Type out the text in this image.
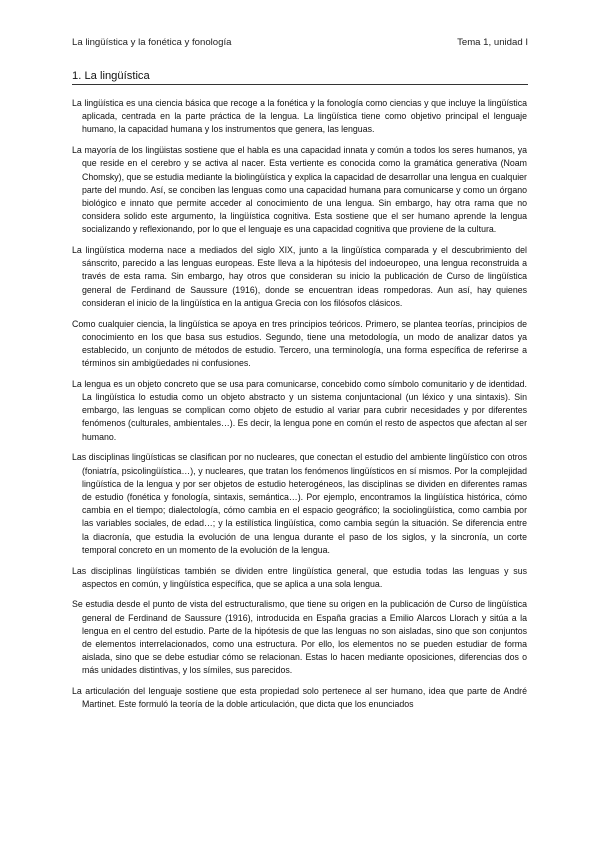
La lingüística y la fonética y fonología	Tema 1, unidad I
1. La lingüística

La lingüística es una ciencia básica que recoge a la fonética y la fonología como ciencias y que incluye la lingüística aplicada, centrada en la parte práctica de la lengua. La lingüística tiene como objetivo principal el lenguaje humano, la capacidad humana y los instrumentos que genera, las lenguas.

La mayoría de los lingüistas sostiene que el habla es una capacidad innata y común a todos los seres humanos, ya que reside en el cerebro y se activa al nacer. Esta vertiente es conocida como la gramática generativa (Noam Chomsky), que se estudia mediante la biolingüística y explica la capacidad de desarrollar una lengua en cualquier parte del mundo. Así, se conciben las lenguas como una capacidad humana para comunicarse y como un órgano biológico e innato que permite acceder al conocimiento de una lengua. Sin embargo, hay otra rama que no considera solido este argumento, la lingüística cognitiva. Esta sostiene que el ser humano aprende la lengua socializando y reflexionando, por lo que el lenguaje es una capacidad cognitiva que proviene de la cultura.

La lingüística moderna nace a mediados del siglo XIX, junto a la lingüística comparada y el descubrimiento del sánscrito, parecido a las lenguas europeas. Este lleva a la hipótesis del indoeuropeo, una lengua reconstruida a través de esta rama. Sin embargo, hay otros que consideran su inicio la publicación de Curso de lingüística general de Ferdinand de Saussure (1916), donde se encuentran ideas rompedoras. Aun así, hay quienes consideran el inicio de la lingüística en la antigua Grecia con los filósofos clásicos.

Como cualquier ciencia, la lingüística se apoya en tres principios teóricos. Primero, se plantea teorías, principios de conocimiento en los que basa sus estudios. Segundo, tiene una metodología, un modo de analizar datos ya establecido, un conjunto de métodos de estudio. Tercero, una terminología, una forma específica de referirse a términos sin ambigüedades ni confusiones.

La lengua es un objeto concreto que se usa para comunicarse, concebido como símbolo comunitario y de identidad. La lingüística lo estudia como un objeto abstracto y un sistema conjuntacional (un léxico y una sintaxis). Sin embargo, las lenguas se complican como objeto de estudio al variar para cubrir necesidades y por diferentes fenómenos (culturales, ambientales…). Es decir, la lengua pone en común el resto de aspectos que afectan al ser humano.

Las disciplinas lingüísticas se clasifican por no nucleares, que conectan el estudio del ambiente lingüístico con otros (foniatría, psicolingüística…), y nucleares, que tratan los fenómenos lingüísticos en sí mismos. Por la complejidad lingüística de la lengua y por ser objetos de estudio heterogéneos, las disciplinas se dividen en diferentes ramas de estudio (fonética y fonología, sintaxis, semántica…). Por ejemplo, encontramos la lingüística histórica, cómo cambia en el tiempo; dialectología, cómo cambia en el espacio geográfico; la sociolingüística, como cambia por las variables sociales, de edad…; y la estilística lingüística, como cambia según la situación. Se diferencia entre la diacronía, que estudia la evolución de una lengua durante el paso de los siglos, y la sincronía, un corte temporal concreto en un momento de la evolución de la lengua.

Las disciplinas lingüísticas también se dividen entre lingüística general, que estudia todas las lenguas y sus aspectos en común, y lingüística específica, que se aplica a una sola lengua.

Se estudia desde el punto de vista del estructuralismo, que tiene su origen en la publicación de Curso de lingüística general de Ferdinand de Saussure (1916), introducida en España gracias a Emilio Alarcos Llorach y sitúa a la lengua en el centro del estudio. Parte de la hipótesis de que las lenguas no son aisladas, sino que son conjuntos de elementos interrelacionados, como una estructura. Por ello, los elementos no se pueden estudiar de forma aislada, sino que se debe estudiar cómo se relacionan. Estas lo hacen mediante oposiciones, diferencias dos o más unidades distintivas, y los símiles, sus parecidos.

La articulación del lenguaje sostiene que esta propiedad solo pertenece al ser humano, idea que parte de André Martinet. Este formuló la teoría de la doble articulación, que dicta que los enunciados
